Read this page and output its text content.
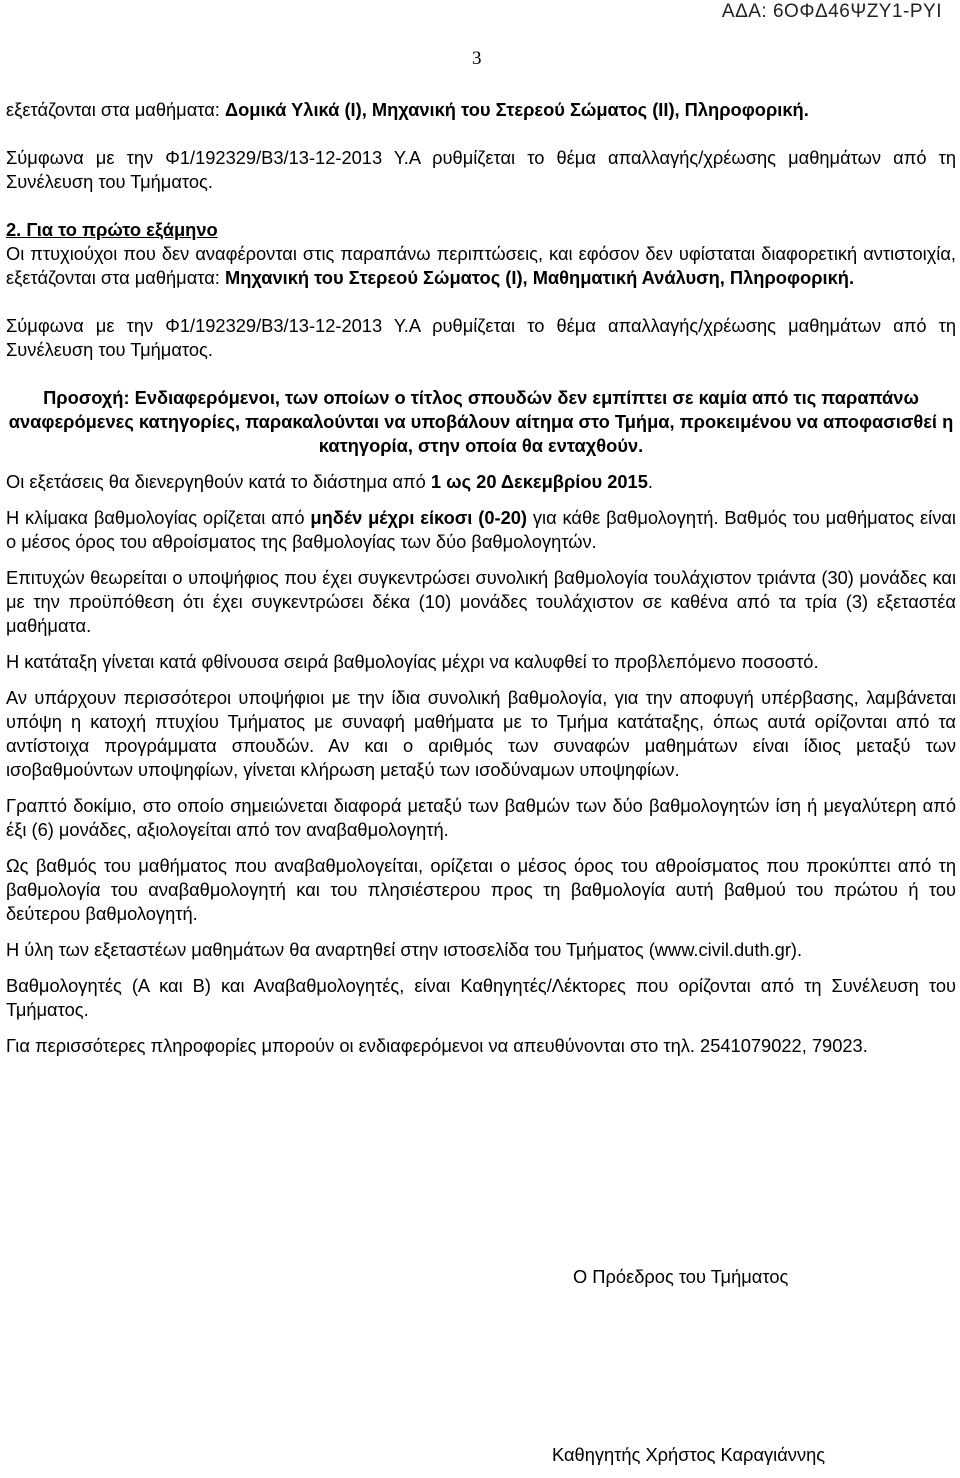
ΑΔΑ: 6ΟΦΔ46ΨΖΥ1-ΡΥΙ
3

εξετάζονται στα μαθήματα: Δομικά Υλικά (Ι), Μηχανική του Στερεού Σώματος (ΙΙ), Πληροφορική.

Σύμφωνα με την Φ1/192329/Β3/13-12-2013 Υ.Α ρυθμίζεται το θέμα απαλλαγής/χρέωσης μαθημάτων από τη Συνέλευση του Τμήματος.

2. Για το πρώτο εξάμηνο

Οι πτυχιούχοι που δεν αναφέρονται στις παραπάνω περιπτώσεις, και εφόσον δεν υφίσταται διαφορετική αντιστοιχία, εξετάζονται στα μαθήματα: Μηχανική του Στερεού Σώματος (Ι), Μαθηματική Ανάλυση, Πληροφορική.

Σύμφωνα με την Φ1/192329/Β3/13-12-2013 Υ.Α ρυθμίζεται το θέμα απαλλαγής/χρέωσης μαθημάτων από τη Συνέλευση του Τμήματος.

Προσοχή: Ενδιαφερόμενοι, των οποίων ο τίτλος σπουδών δεν εμπίπτει σε καμία από τις παραπάνω αναφερόμενες κατηγορίες, παρακαλούνται να υποβάλουν αίτημα στο Τμήμα, προκειμένου να αποφασισθεί η κατηγορία, στην οποία θα ενταχθούν.

Οι εξετάσεις θα διενεργηθούν κατά το διάστημα από 1 ως 20 Δεκεμβρίου 2015.

Η κλίμακα βαθμολογίας ορίζεται από μηδέν μέχρι είκοσι (0-20) για κάθε βαθμολογητή. Βαθμός του μαθήματος είναι ο μέσος όρος του αθροίσματος της βαθμολογίας των δύο βαθμολογητών.

Επιτυχών θεωρείται ο υποψήφιος που έχει συγκεντρώσει συνολική βαθμολογία τουλάχιστον τριάντα (30) μονάδες και με την προϋπόθεση ότι έχει συγκεντρώσει δέκα (10) μονάδες τουλάχιστον σε καθένα από τα τρία (3) εξεταστέα μαθήματα.

Η κατάταξη γίνεται κατά φθίνουσα σειρά βαθμολογίας μέχρι να καλυφθεί το προβλεπόμενο ποσοστό.

Αν υπάρχουν περισσότεροι υποψήφιοι με την ίδια συνολική βαθμολογία, για την αποφυγή υπέρβασης, λαμβάνεται υπόψη η κατοχή πτυχίου Τμήματος με συναφή μαθήματα με το Τμήμα κατάταξης, όπως αυτά ορίζονται από τα αντίστοιχα προγράμματα σπουδών. Αν και ο αριθμός των συναφών μαθημάτων είναι ίδιος μεταξύ των ισοβαθμούντων υποψηφίων, γίνεται κλήρωση μεταξύ των ισοδύναμων υποψηφίων.

Γραπτό δοκίμιο, στο οποίο σημειώνεται διαφορά μεταξύ των βαθμών των δύο βαθμολογητών ίση ή μεγαλύτερη από έξι (6) μονάδες, αξιολογείται από τον αναβαθμολογητή.

Ως βαθμός του μαθήματος που αναβαθμολογείται, ορίζεται ο μέσος όρος του αθροίσματος που προκύπτει από τη βαθμολογία του αναβαθμολογητή και του πλησιέστερου προς τη βαθμολογία αυτή βαθμού του πρώτου ή του δεύτερου βαθμολογητή.

Η ύλη των εξεταστέων μαθημάτων θα αναρτηθεί στην ιστοσελίδα του Τμήματος (www.civil.duth.gr).

Βαθμολογητές (Α και Β) και Αναβαθμολογητές, είναι Καθηγητές/Λέκτορες που ορίζονται από τη Συνέλευση του Τμήματος.

Για περισσότερες πληροφορίες μπορούν οι ενδιαφερόμενοι να απευθύνονται στο τηλ. 2541079022, 79023.

Ο Πρόεδρος του Τμήματος
Καθηγητής Χρήστος Καραγιάννης
